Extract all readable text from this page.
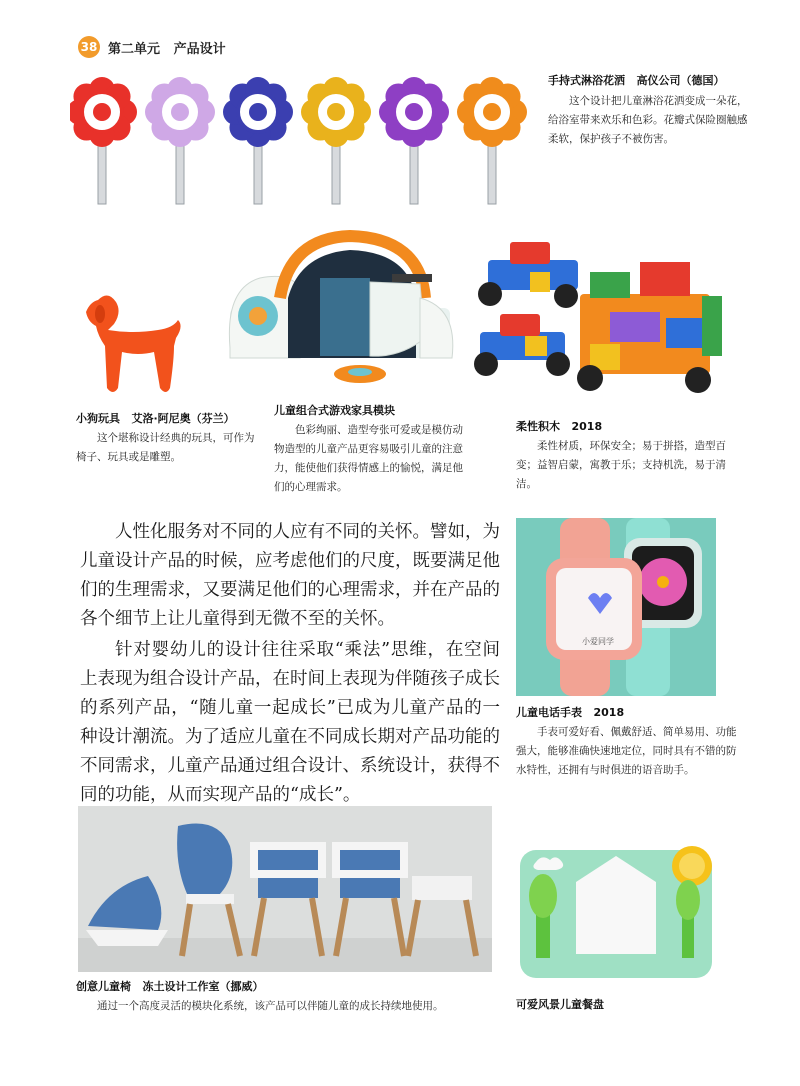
38 第二单元   产品设计
手持式淋浴花洒   高仪公司（德国）
这个设计把儿童淋浴花洒变成一朵花，给浴室带来欢乐和色彩。花瓣式保险圈触感柔软，保护孩子不被伤害。
小狗玩具   艾洛·阿尼奥（芬兰）
这个堪称设计经典的玩具，可作为椅子、玩具或是雕塑。
儿童组合式游戏家具模块
色彩绚丽、造型夸张可爱或是模仿动物造型的儿童产品更容易吸引儿童的注意力，能使他们获得情感上的愉悦，满足他们的心理需求。
柔性积木   2018
柔性材质，环保安全；易于拼搭，造型百变；益智启蒙，寓教于乐；支持机洗，易于清洁。

人性化服务对不同的人应有不同的关怀。譬如，为儿童设计产品的时候，应考虑他们的尺度，既要满足他们的生理需求，又要满足他们的心理需求，并在产品的各个细节上让儿童得到无微不至的关怀。

针对婴幼儿的设计往往采取“乘法”思维，在空间上表现为组合设计产品，在时间上表现为伴随孩子成长的系列产品，“随儿童一起成长”已成为儿童产品的一种设计潮流。为了适应儿童在不同成长期对产品功能的不同需求，儿童产品通过组合设计、系统设计，获得不同的功能，从而实现产品的“成长”。

小爱同学
儿童电话手表   2018
手表可爱好看、佩戴舒适、简单易用、功能强大，能够准确快速地定位，同时具有不错的防水特性，还拥有与时俱进的语音助手。
创意儿童椅   冻土设计工作室（挪威）
通过一个高度灵活的模块化系统，该产品可以伴随儿童的成长持续地使用。	可爱风景儿童餐盘
